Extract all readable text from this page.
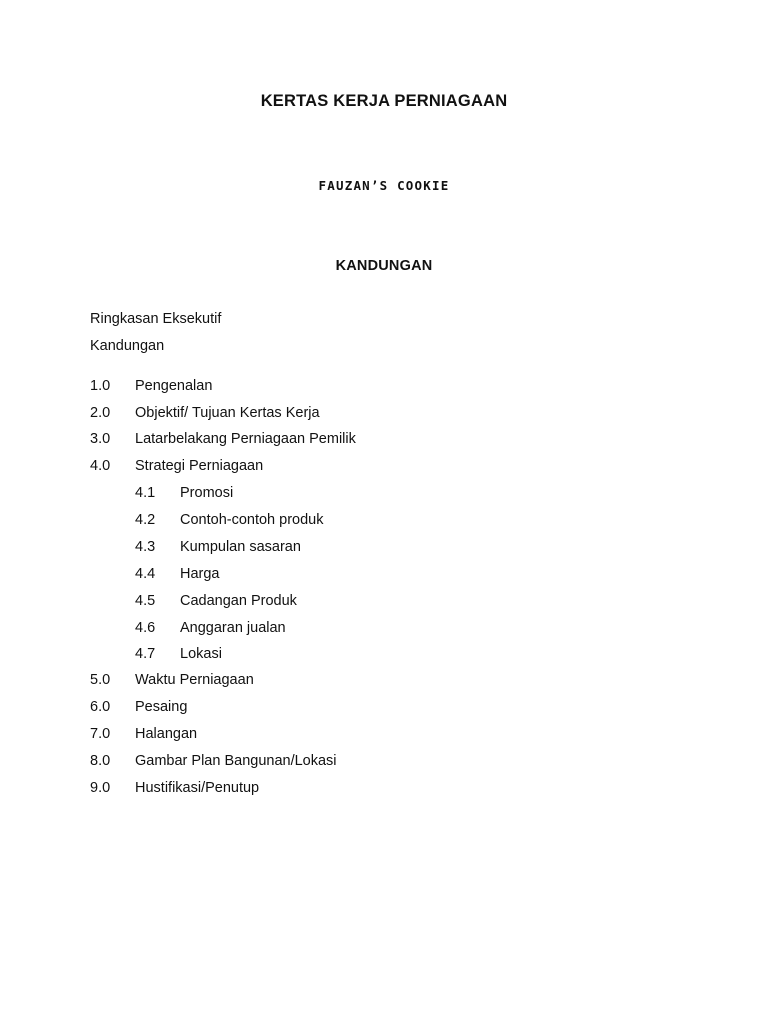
KERTAS KERJA PERNIAGAAN
FAUZAN’S COOKIE
KANDUNGAN
Ringkasan Eksekutif
Kandungan
1.0 Pengenalan
2.0 Objektif/ Tujuan Kertas Kerja
3.0 Latarbelakang Perniagaan Pemilik
4.0 Strategi Perniagaan
4.1 Promosi
4.2 Contoh-contoh produk
4.3 Kumpulan sasaran
4.4 Harga
4.5 Cadangan Produk
4.6 Anggaran jualan
4.7 Lokasi
5.0 Waktu Perniagaan
6.0 Pesaing
7.0 Halangan
8.0 Gambar Plan Bangunan/Lokasi
9.0 Hustifikasi/Penutup
